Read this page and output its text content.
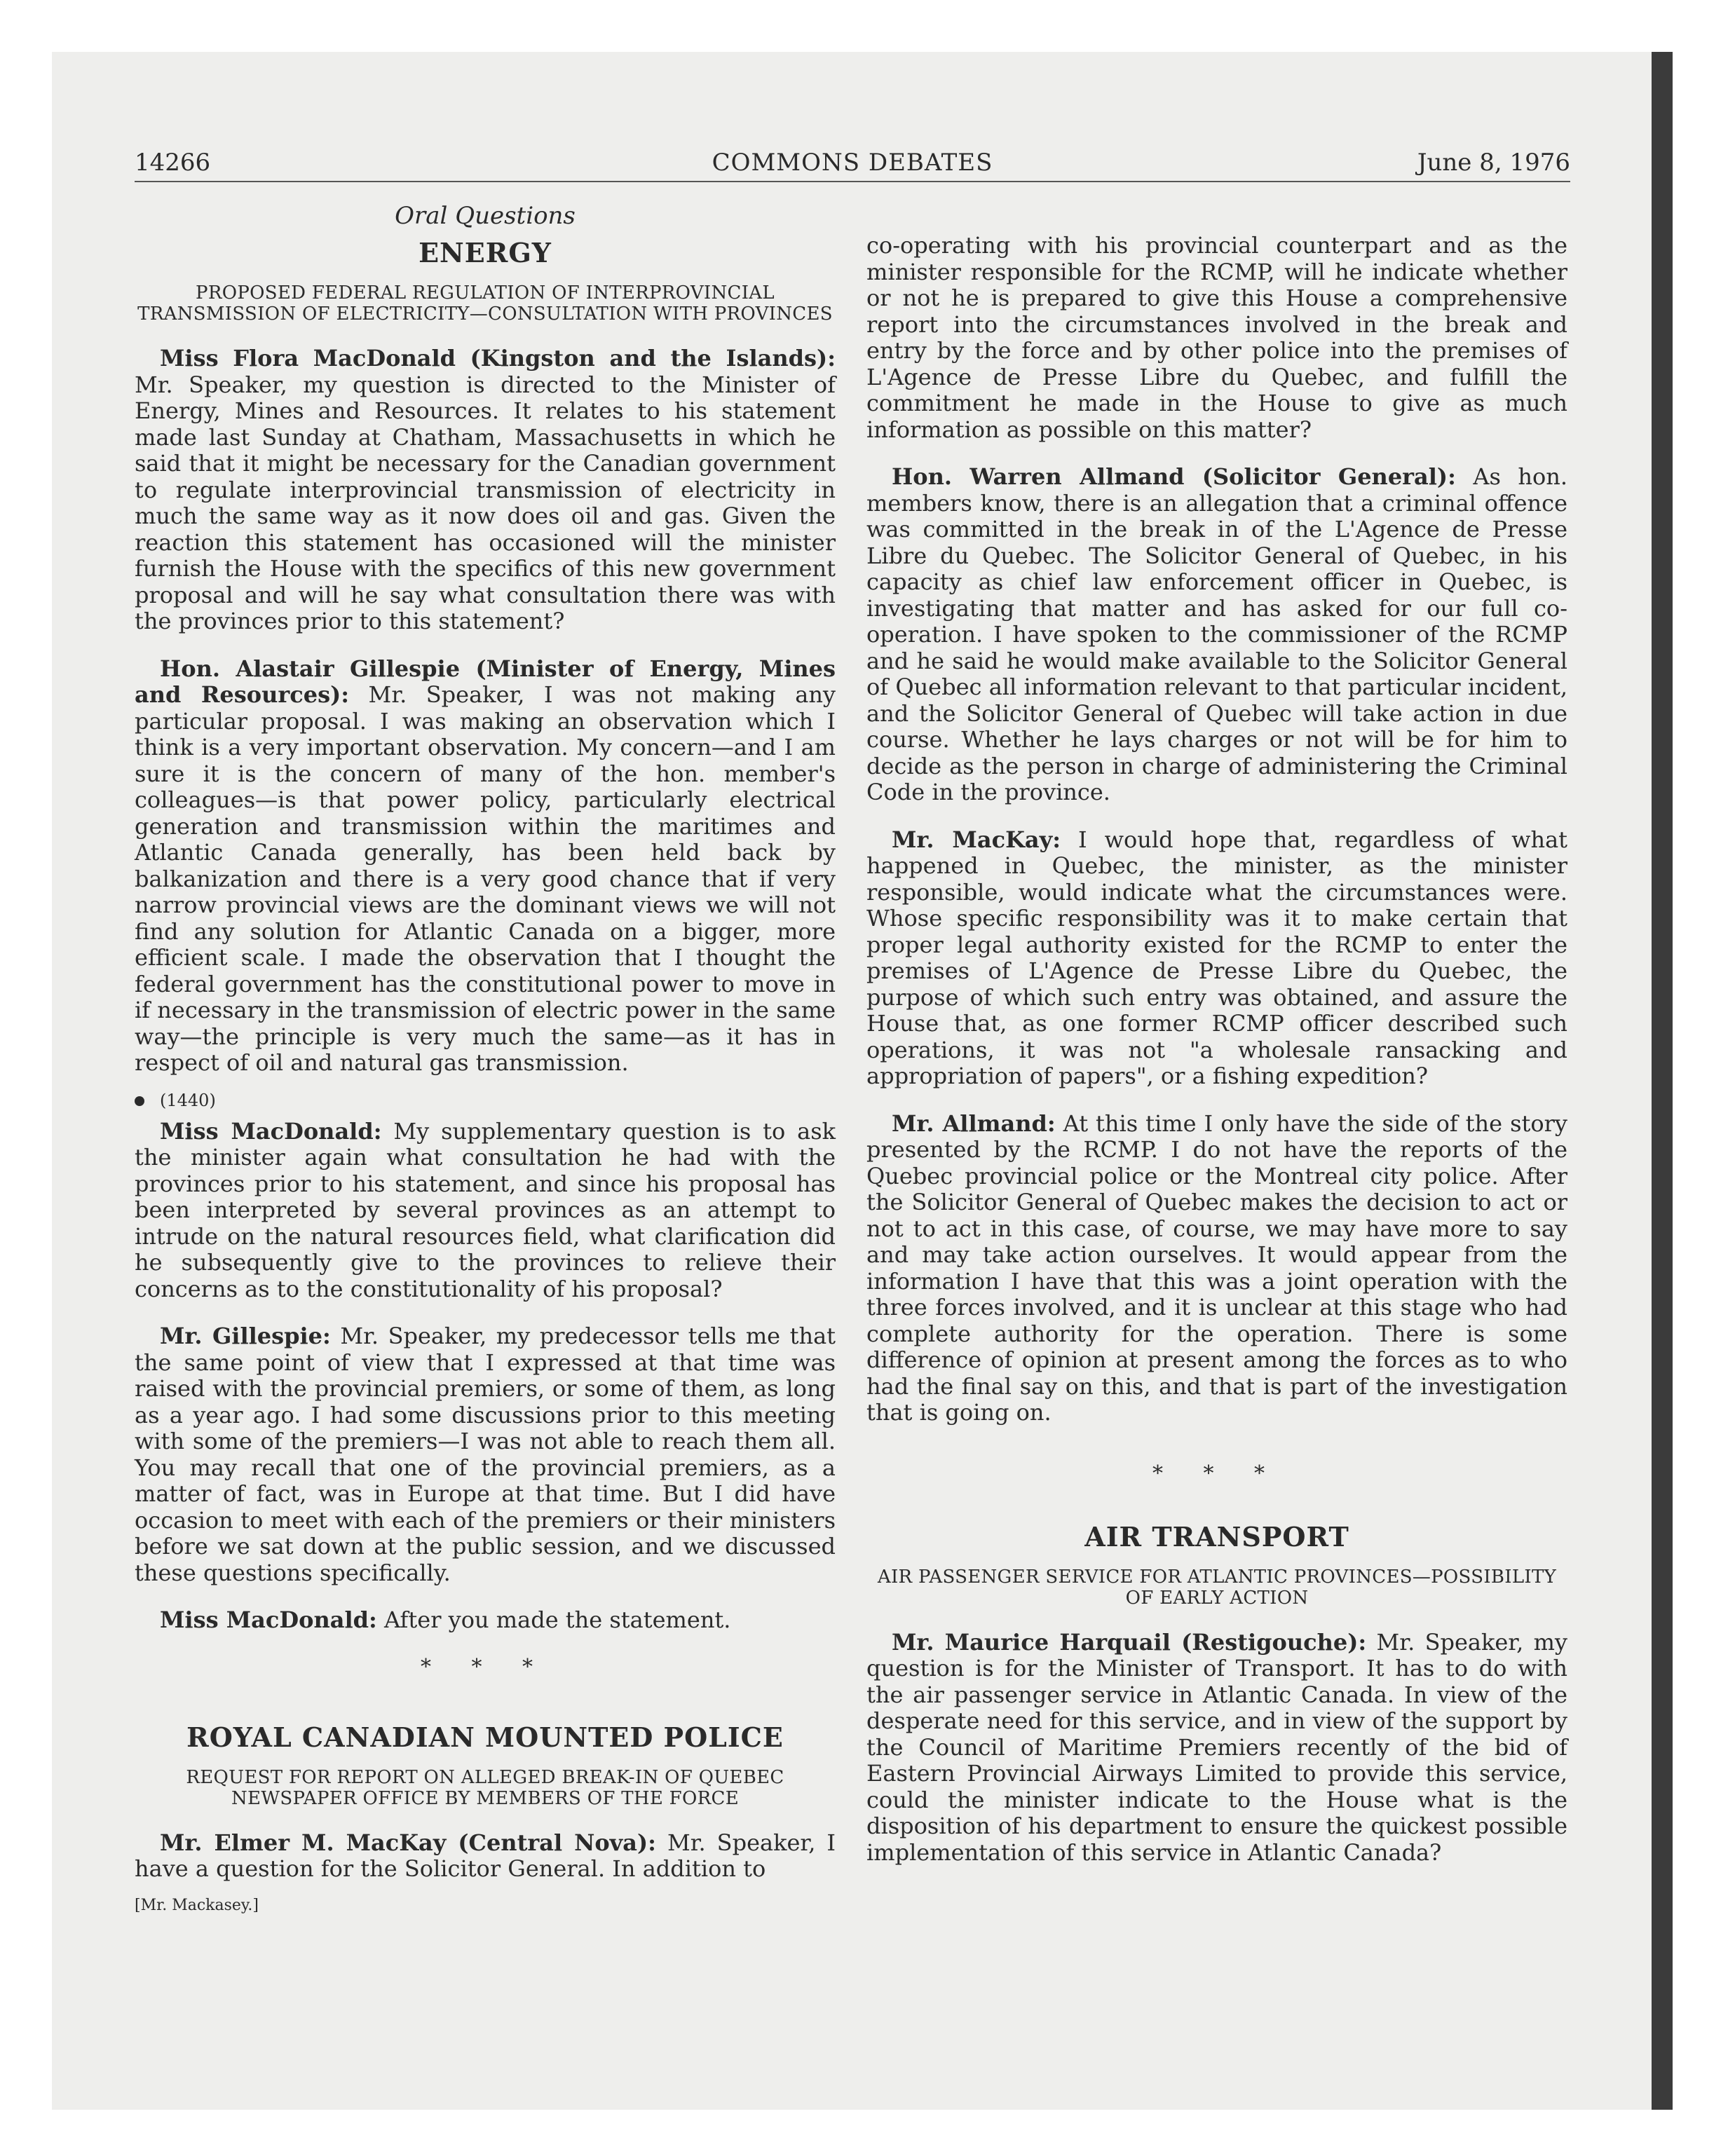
14266	COMMONS DEBATES	June 8, 1976
Oral Questions
ENERGY
PROPOSED FEDERAL REGULATION OF INTERPROVINCIAL TRANSMISSION OF ELECTRICITY—CONSULTATION WITH PROVINCES

Miss Flora MacDonald (Kingston and the Islands): Mr. Speaker, my question is directed to the Minister of Energy, Mines and Resources. It relates to his statement made last Sunday at Chatham, Massachusetts in which he said that it might be necessary for the Canadian government to regulate interprovincial transmission of electricity in much the same way as it now does oil and gas. Given the reaction this statement has occasioned will the minister furnish the House with the specifics of this new government proposal and will he say what consultation there was with the provinces prior to this statement?

Hon. Alastair Gillespie (Minister of Energy, Mines and Resources): Mr. Speaker, I was not making any particular proposal. I was making an observation which I think is a very important observation. My concern—and I am sure it is the concern of many of the hon. member's colleagues—is that power policy, particularly electrical generation and transmission within the maritimes and Atlantic Canada generally, has been held back by balkanization and there is a very good chance that if very narrow provincial views are the dominant views we will not find any solution for Atlantic Canada on a bigger, more efficient scale. I made the observation that I thought the federal government has the constitutional power to move in if necessary in the transmission of electric power in the same way—the principle is very much the same—as it has in respect of oil and natural gas transmission.

(1440)

Miss MacDonald: My supplementary question is to ask the minister again what consultation he had with the provinces prior to his statement, and since his proposal has been interpreted by several provinces as an attempt to intrude on the natural resources field, what clarification did he subsequently give to the provinces to relieve their concerns as to the constitutionality of his proposal?

Mr. Gillespie: Mr. Speaker, my predecessor tells me that the same point of view that I expressed at that time was raised with the provincial premiers, or some of them, as long as a year ago. I had some discussions prior to this meeting with some of the premiers—I was not able to reach them all. You may recall that one of the provincial premiers, as a matter of fact, was in Europe at that time. But I did have occasion to meet with each of the premiers or their ministers before we sat down at the public session, and we discussed these questions specifically.

Miss MacDonald: After you made the statement.

* * *
ROYAL CANADIAN MOUNTED POLICE
REQUEST FOR REPORT ON ALLEGED BREAK-IN OF QUEBEC NEWSPAPER OFFICE BY MEMBERS OF THE FORCE

Mr. Elmer M. MacKay (Central Nova): Mr. Speaker, I have a question for the Solicitor General. In addition to

[Mr. Mackasey.]

co-operating with his provincial counterpart and as the minister responsible for the RCMP, will he indicate whether or not he is prepared to give this House a comprehensive report into the circumstances involved in the break and entry by the force and by other police into the premises of L'Agence de Presse Libre du Quebec, and fulfill the commitment he made in the House to give as much information as possible on this matter?

Hon. Warren Allmand (Solicitor General): As hon. members know, there is an allegation that a criminal offence was committed in the break in of the L'Agence de Presse Libre du Quebec. The Solicitor General of Quebec, in his capacity as chief law enforcement officer in Quebec, is investigating that matter and has asked for our full co-operation. I have spoken to the commissioner of the RCMP and he said he would make available to the Solicitor General of Quebec all information relevant to that particular incident, and the Solicitor General of Quebec will take action in due course. Whether he lays charges or not will be for him to decide as the person in charge of administering the Criminal Code in the province.

Mr. MacKay: I would hope that, regardless of what happened in Quebec, the minister, as the minister responsible, would indicate what the circumstances were. Whose specific responsibility was it to make certain that proper legal authority existed for the RCMP to enter the premises of L'Agence de Presse Libre du Quebec, the purpose of which such entry was obtained, and assure the House that, as one former RCMP officer described such operations, it was not "a wholesale ransacking and appropriation of papers", or a fishing expedition?

Mr. Allmand: At this time I only have the side of the story presented by the RCMP. I do not have the reports of the Quebec provincial police or the Montreal city police. After the Solicitor General of Quebec makes the decision to act or not to act in this case, of course, we may have more to say and may take action ourselves. It would appear from the information I have that this was a joint operation with the three forces involved, and it is unclear at this stage who had complete authority for the operation. There is some difference of opinion at present among the forces as to who had the final say on this, and that is part of the investigation that is going on.

* * *
AIR TRANSPORT
AIR PASSENGER SERVICE FOR ATLANTIC PROVINCES—POSSIBILITY OF EARLY ACTION

Mr. Maurice Harquail (Restigouche): Mr. Speaker, my question is for the Minister of Transport. It has to do with the air passenger service in Atlantic Canada. In view of the desperate need for this service, and in view of the support by the Council of Maritime Premiers recently of the bid of Eastern Provincial Airways Limited to provide this service, could the minister indicate to the House what is the disposition of his department to ensure the quickest possible implementation of this service in Atlantic Canada?
